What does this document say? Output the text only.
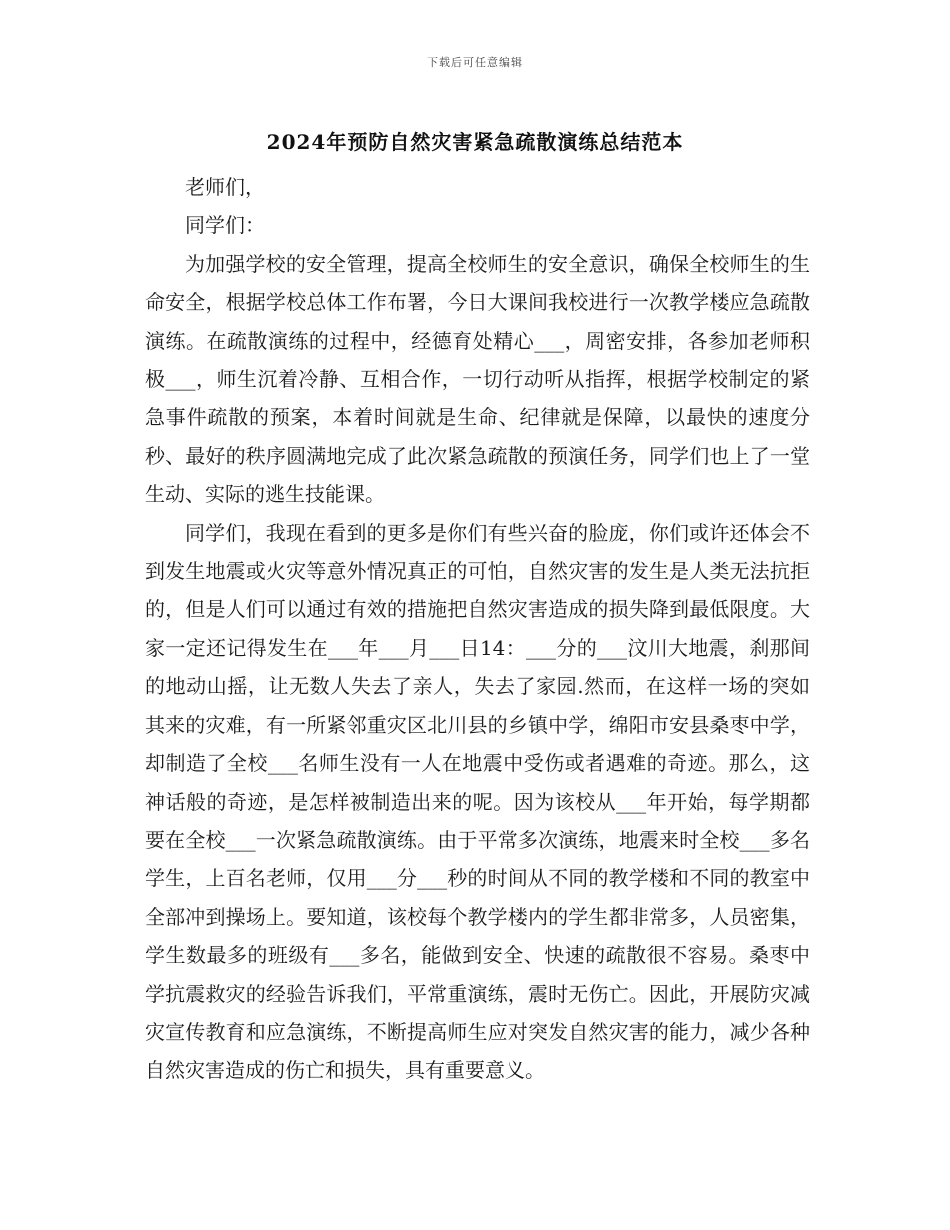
下载后可任意编辑
2024年预防自然灾害紧急疏散演练总结范本

老师们，

同学们：

为加强学校的安全管理，提高全校师生的安全意识，确保全校师生的生命安全，根据学校总体工作布署，今日大课间我校进行一次教学楼应急疏散演练。在疏散演练的过程中，经德育处精心___，周密安排，各参加老师积极___，师生沉着冷静、互相合作，一切行动听从指挥，根据学校制定的紧急事件疏散的预案，本着时间就是生命、纪律就是保障，以最快的速度分秒、最好的秩序圆满地完成了此次紧急疏散的预演任务，同学们也上了一堂生动、实际的逃生技能课。

同学们，我现在看到的更多是你们有些兴奋的脸庞，你们或许还体会不到发生地震或火灾等意外情况真正的可怕，自然灾害的发生是人类无法抗拒的，但是人们可以通过有效的措施把自然灾害造成的损失降到最低限度。大家一定还记得发生在___年___月___日14：___分的___汶川大地震，刹那间的地动山摇，让无数人失去了亲人，失去了家园.然而，在这样一场的突如其来的灾难，有一所紧邻重灾区北川县的乡镇中学，绵阳市安县桑枣中学，却制造了全校___名师生没有一人在地震中受伤或者遇难的奇迹。那么，这神话般的奇迹，是怎样被制造出来的呢。因为该校从___年开始，每学期都要在全校___一次紧急疏散演练。由于平常多次演练，地震来时全校___多名学生，上百名老师，仅用___分___秒的时间从不同的教学楼和不同的教室中全部冲到操场上。要知道，该校每个教学楼内的学生都非常多，人员密集，学生数最多的班级有___多名，能做到安全、快速的疏散很不容易。桑枣中学抗震救灾的经验告诉我们，平常重演练，震时无伤亡。因此，开展防灾减灾宣传教育和应急演练，不断提高师生应对突发自然灾害的能力，减少各种自然灾害造成的伤亡和损失，具有重要意义。
